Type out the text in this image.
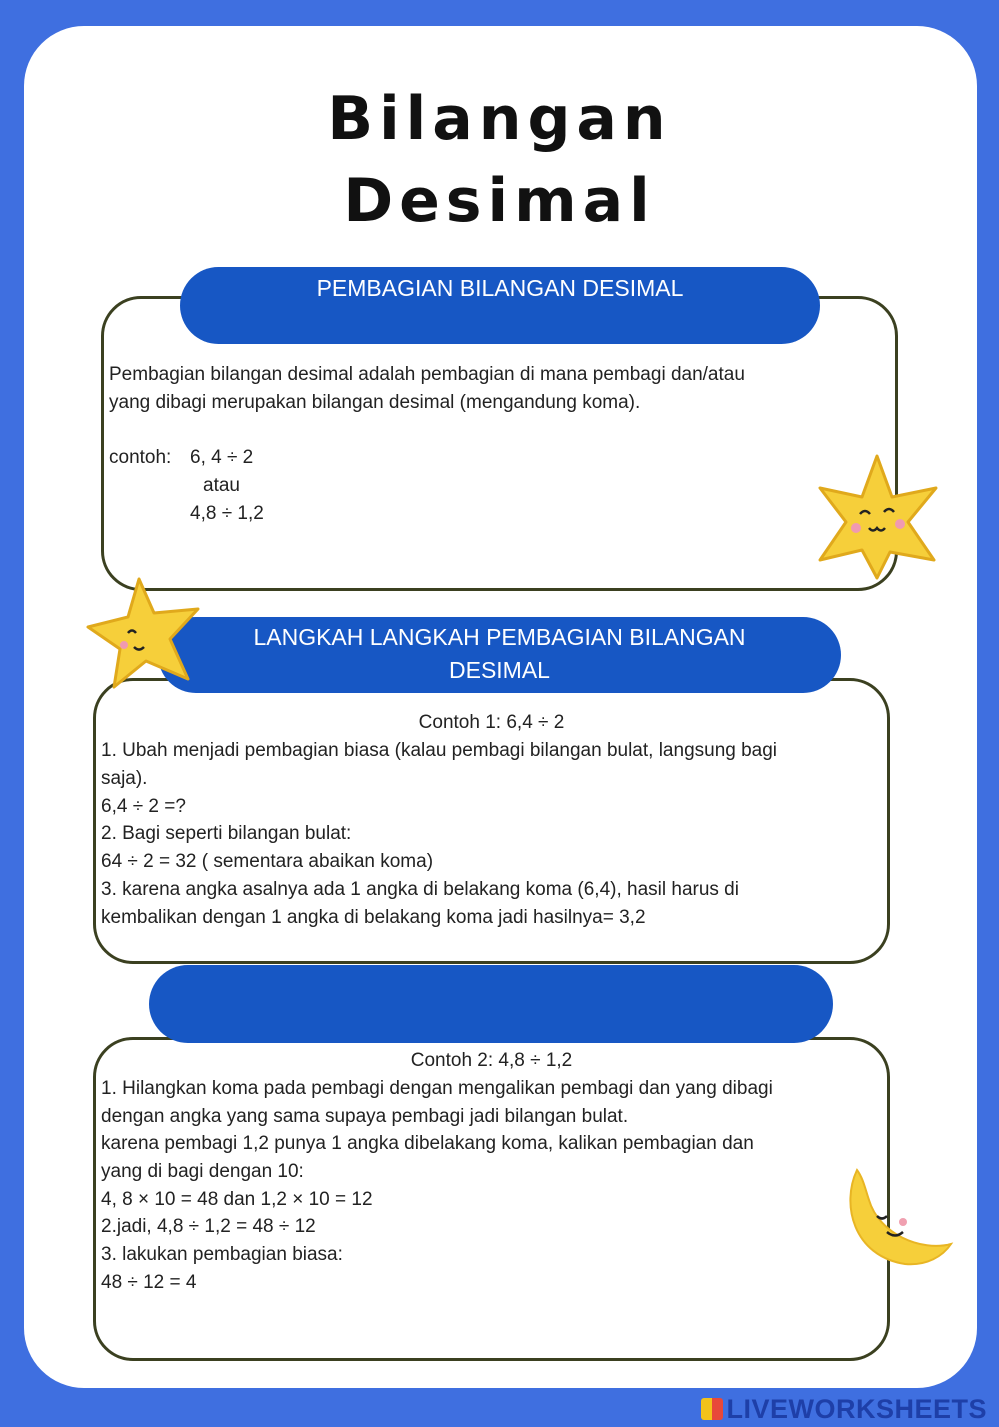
Bilangan
Desimal
PEMBAGIAN BILANGAN DESIMAL
Pembagian bilangan desimal adalah pembagian di mana pembagi dan/atau
yang dibagi merupakan bilangan desimal (mengandung koma).
contoh: 6, 4 ÷ 2
atau
4,8 ÷ 1,2
LANGKAH LANGKAH PEMBAGIAN BILANGAN
DESIMAL
Contoh 1: 6,4 ÷ 2
1. Ubah menjadi pembagian biasa (kalau pembagi bilangan bulat, langsung bagi
saja).
6,4 ÷ 2 =?
2. Bagi seperti bilangan bulat:
64 ÷ 2 = 32 ( sementara abaikan koma)
3. karena angka asalnya ada 1 angka di belakang koma (6,4), hasil harus di
kembalikan dengan 1 angka di belakang koma jadi hasilnya= 3,2
Contoh 2: 4,8 ÷ 1,2
1. Hilangkan koma pada pembagi dengan mengalikan pembagi dan yang dibagi
dengan angka yang sama supaya pembagi jadi bilangan bulat.
karena pembagi 1,2 punya 1 angka dibelakang koma, kalikan pembagian dan
yang di bagi dengan 10:
4, 8 × 10 = 48 dan 1,2 × 10 = 12
2.jadi, 4,8 ÷ 1,2 = 48 ÷ 12
3. lakukan pembagian biasa:
48 ÷ 12 = 4
LIVEWORKSHEETS
